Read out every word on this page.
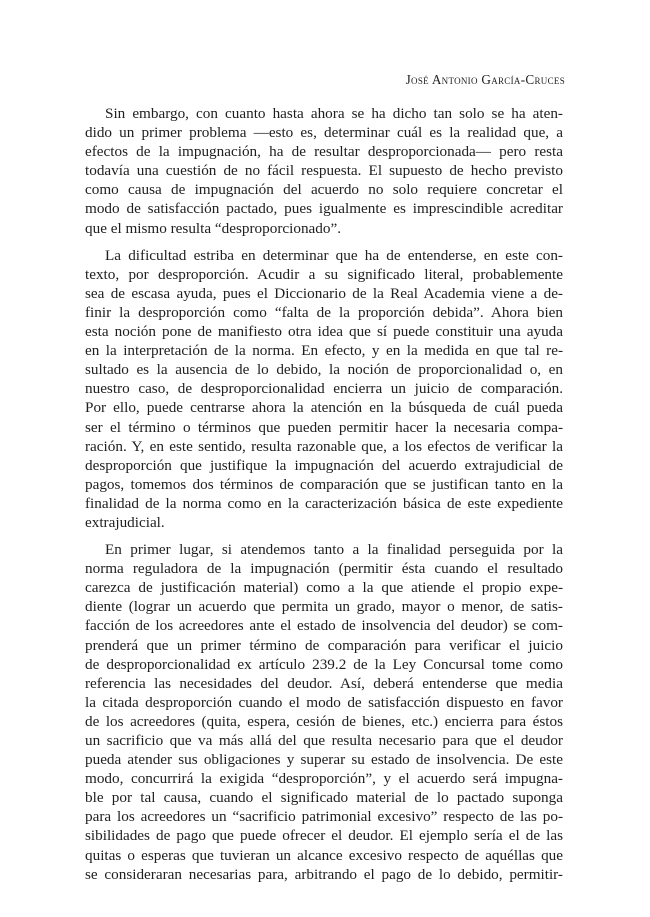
José Antonio García-Cruces

Sin embargo, con cuanto hasta ahora se ha dicho tan solo se ha aten-
dido un primer problema —esto es, determinar cuál es la realidad que, a
efectos de la impugnación, ha de resultar desproporcionada— pero resta
todavía una cuestión de no fácil respuesta. El supuesto de hecho previsto
como causa de impugnación del acuerdo no solo requiere concretar el
modo de satisfacción pactado, pues igualmente es imprescindible acreditar
que el mismo resulta “desproporcionado”.

La dificultad estriba en determinar que ha de entenderse, en este con-
texto, por desproporción. Acudir a su significado literal, probablemente
sea de escasa ayuda, pues el Diccionario de la Real Academia viene a de-
finir la desproporción como “falta de la proporción debida”. Ahora bien
esta noción pone de manifiesto otra idea que sí puede constituir una ayuda
en la interpretación de la norma. En efecto, y en la medida en que tal re-
sultado es la ausencia de lo debido, la noción de proporcionalidad o, en
nuestro caso, de desproporcionalidad encierra un juicio de comparación.
Por ello, puede centrarse ahora la atención en la búsqueda de cuál pueda
ser el término o términos que pueden permitir hacer la necesaria compa-
ración. Y, en este sentido, resulta razonable que, a los efectos de verificar la
desproporción que justifique la impugnación del acuerdo extrajudicial de
pagos, tomemos dos términos de comparación que se justifican tanto en la
finalidad de la norma como en la caracterización básica de este expediente
extrajudicial.

En primer lugar, si atendemos tanto a la finalidad perseguida por la
norma reguladora de la impugnación (permitir ésta cuando el resultado
carezca de justificación material) como a la que atiende el propio expe-
diente (lograr un acuerdo que permita un grado, mayor o menor, de satis-
facción de los acreedores ante el estado de insolvencia del deudor) se com-
prenderá que un primer término de comparación para verificar el juicio
de desproporcionalidad ex artículo 239.2 de la Ley Concursal tome como
referencia las necesidades del deudor. Así, deberá entenderse que media
la citada desproporción cuando el modo de satisfacción dispuesto en favor
de los acreedores (quita, espera, cesión de bienes, etc.) encierra para éstos
un sacrificio que va más allá del que resulta necesario para que el deudor
pueda atender sus obligaciones y superar su estado de insolvencia. De este
modo, concurrirá la exigida “desproporción”, y el acuerdo será impugna-
ble por tal causa, cuando el significado material de lo pactado suponga
para los acreedores un “sacrificio patrimonial excesivo” respecto de las po-
sibilidades de pago que puede ofrecer el deudor. El ejemplo sería el de las
quitas o esperas que tuvieran un alcance excesivo respecto de aquéllas que
se consideraran necesarias para, arbitrando el pago de lo debido, permitir-
